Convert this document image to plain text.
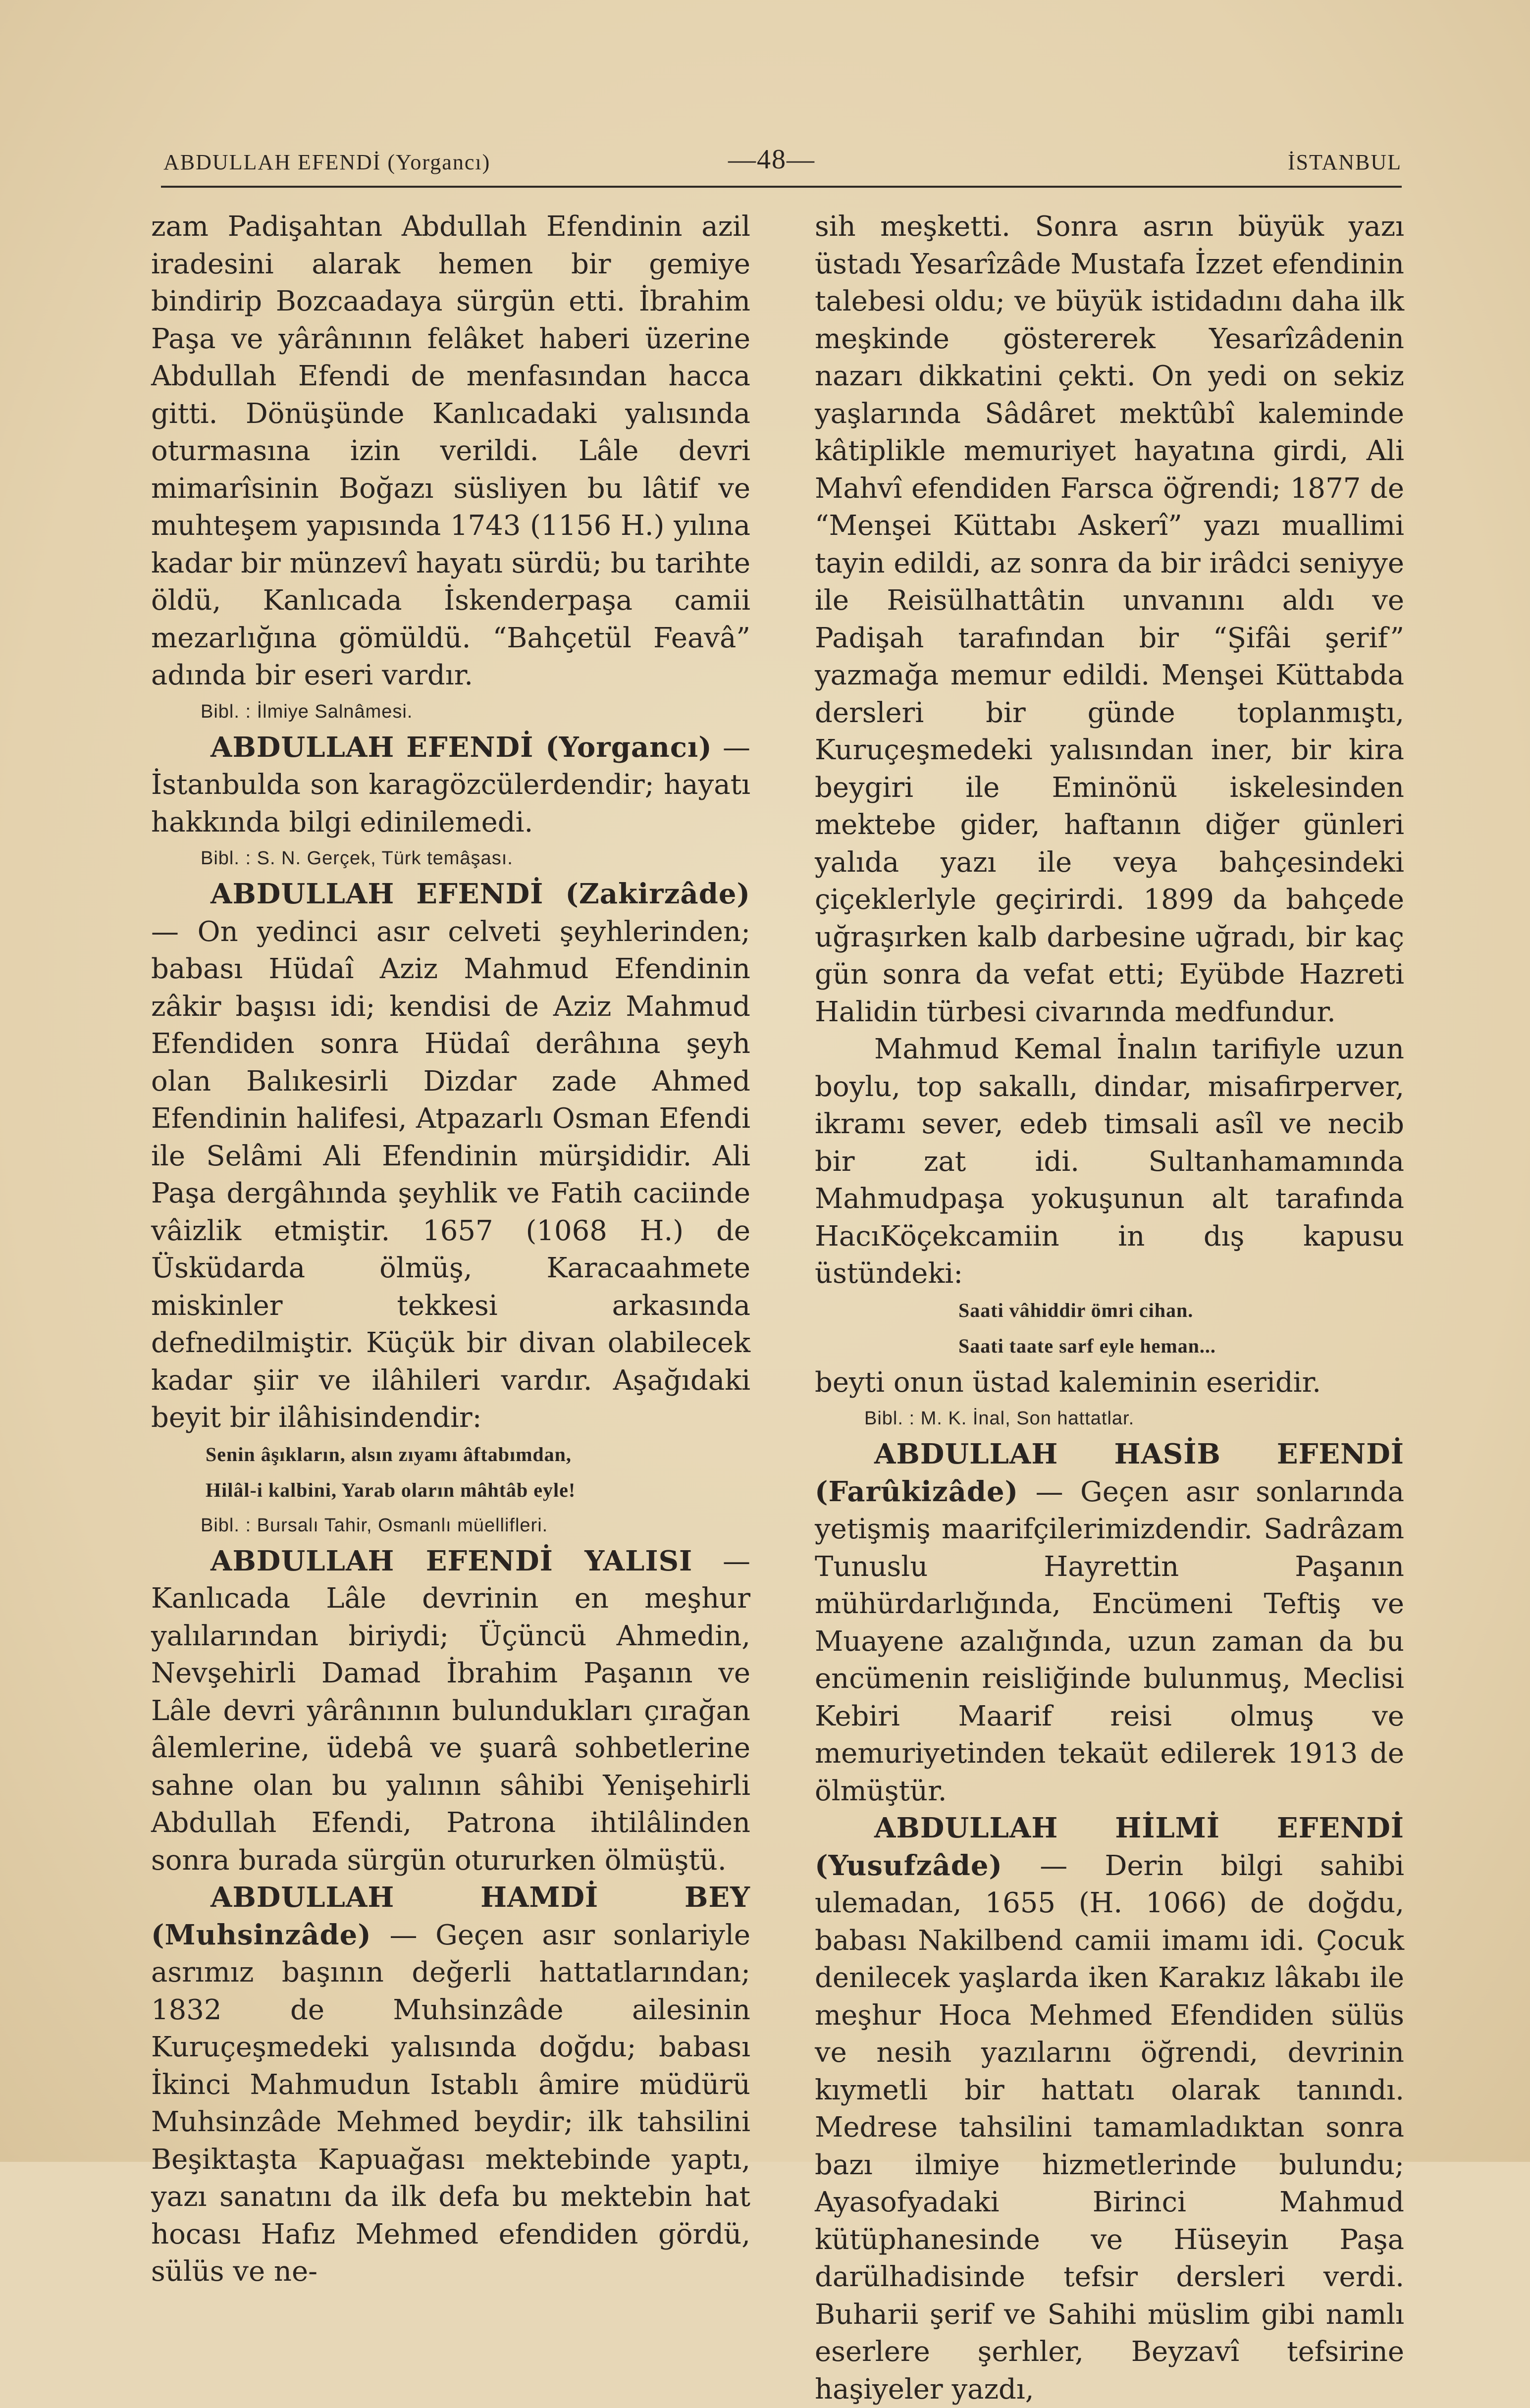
ABDULLAH EFENDİ (Yorgancı)	—48—	İSTANBUL

zam Padişahtan Abdullah Efendinin azil iradesini alarak hemen bir gemiye bindirip Bozcaadaya sürgün etti. İbrahim Paşa ve yârânının felâket haberi üzerine Abdullah Efendi de menfasından hacca gitti. Dönüşünde Kanlıcadaki yalısında oturmasına izin verildi. Lâle devri mimarîsinin Boğazı süsliyen bu lâtif ve muhteşem yapısında 1743 (1156 H.) yılına kadar bir münzevî hayatı sürdü; bu tarihte öldü, Kanlıcada İskenderpaşa camii mezarlığına gömüldü. “Bahçetül Feavâ” adında bir eseri vardır.

Bibl. : İlmiye Salnâmesi.

ABDULLAH EFENDİ (Yorgancı) — İstanbulda son karagözcülerdendir; hayatı hakkında bilgi edinilemedi.

Bibl. : S. N. Gerçek, Türk temâşası.

ABDULLAH EFENDİ (Zakirzâde) — On yedinci asır celveti şeyhlerinden; babası Hüdaî Aziz Mahmud Efendinin zâkir başısı idi; kendisi de Aziz Mahmud Efendiden sonra Hüdaî derâhına şeyh olan Balıkesirli Dizdar zade Ahmed Efendinin halifesi, Atpazarlı Osman Efendi ile Selâmi Ali Efendinin mürşididir. Ali Paşa dergâhında şeyhlik ve Fatih caciinde vâizlik etmiştir. 1657 (1068 H.) de Üsküdarda ölmüş, Karacaahmete miskinler tekkesi arkasında defnedilmiştir. Küçük bir divan olabilecek kadar şiir ve ilâhileri vardır. Aşağıdaki beyit bir ilâhisindendir:

Senin âşıkların, alsın zıyamı âftabımdan,

Hilâl-i kalbini, Yarab oların mâhtâb eyle!

Bibl. : Bursalı Tahir, Osmanlı müellifleri.

ABDULLAH EFENDİ YALISI — Kanlıcada Lâle devrinin en meşhur yalılarından biriydi; Üçüncü Ahmedin, Nevşehirli Damad İbrahim Paşanın ve Lâle devri yârânının bulundukları çırağan âlemlerine, üdebâ ve şuarâ sohbetlerine sahne olan bu yalının sâhibi Yenişehirli Abdullah Efendi, Patrona ihtilâlinden sonra burada sürgün otururken ölmüştü.

ABDULLAH HAMDİ BEY (Muhsinzâde) — Geçen asır sonlariyle asrımız başının değerli hattatlarından; 1832 de Muhsinzâde ailesinin Kuruçeşmedeki yalısında doğdu; babası İkinci Mahmudun Istablı âmire müdürü Muhsinzâde Mehmed beydir; ilk tahsilini Beşiktaşta Kapuağası mektebinde yaptı, yazı sanatını da ilk defa bu mektebin hat hocası Hafız Mehmed efendiden gördü, sülüs ve ne-

sih meşketti. Sonra asrın büyük yazı üstadı Yesarîzâde Mustafa İzzet efendinin talebesi oldu; ve büyük istidadını daha ilk meşkinde göstererek Yesarîzâdenin nazarı dikkatini çekti. On yedi on sekiz yaşlarında Sâdâret mektûbî kaleminde kâtiplikle memuriyet hayatına girdi, Ali Mahvî efendiden Farsca öğrendi; 1877 de “Menşei Küttabı Askerî” yazı muallimi tayin edildi, az sonra da bir irâdci seniyye ile Reisülhattâtin unvanını aldı ve Padişah tarafından bir “Şifâi şerif” yazmağa memur edildi. Menşei Küttabda dersleri bir günde toplanmıştı, Kuruçeşmedeki yalısından iner, bir kira beygiri ile Eminönü iskelesinden mektebe gider, haftanın diğer günleri yalıda yazı ile veya bahçesindeki çiçeklerlyle geçirirdi. 1899 da bahçede uğraşırken kalb darbesine uğradı, bir kaç gün sonra da vefat etti; Eyübde Hazreti Halidin türbesi civarında medfundur.

Mahmud Kemal İnalın tarifiyle uzun boylu, top sakallı, dindar, misafirperver, ikramı sever, edeb timsali asîl ve necib bir zat idi. Sultanhamamında Mahmudpaşa yokuşunun alt tarafında HacıKöçekcamiin in dış kapusu üstündeki:

Saati vâhiddir ömri cihan.

Saati taate sarf eyle heman...

beyti onun üstad kaleminin eseridir.

Bibl. : M. K. İnal, Son hattatlar.

ABDULLAH HASİB EFENDİ (Farûkizâde) — Geçen asır sonlarında yetişmiş maarifçilerimizdendir. Sadrâzam Tunuslu Hayrettin Paşanın mühürdarlığında, Encümeni Teftiş ve Muayene azalığında, uzun zaman da bu encümenin reisliğinde bulunmuş, Meclisi Kebiri Maarif reisi olmuş ve memuriyetinden tekaüt edilerek 1913 de ölmüştür.

ABDULLAH HİLMİ EFENDİ (Yusufzâde) — Derin bilgi sahibi ulemadan, 1655 (H. 1066) de doğdu, babası Nakilbend camii imamı idi. Çocuk denilecek yaşlarda iken Karakız lâkabı ile meşhur Hoca Mehmed Efendiden sülüs ve nesih yazılarını öğrendi, devrinin kıymetli bir hattatı olarak tanındı. Medrese tahsilini tamamladıktan sonra bazı ilmiye hizmetlerinde bulundu; Ayasofyadaki Birinci Mahmud kütüphanesinde ve Hüseyin Paşa darülhadisinde tefsir dersleri verdi. Buharii şerif ve Sahihi müslim gibi namlı eserlere şerhler, Beyzavî tefsirine haşiyeler yazdı,
